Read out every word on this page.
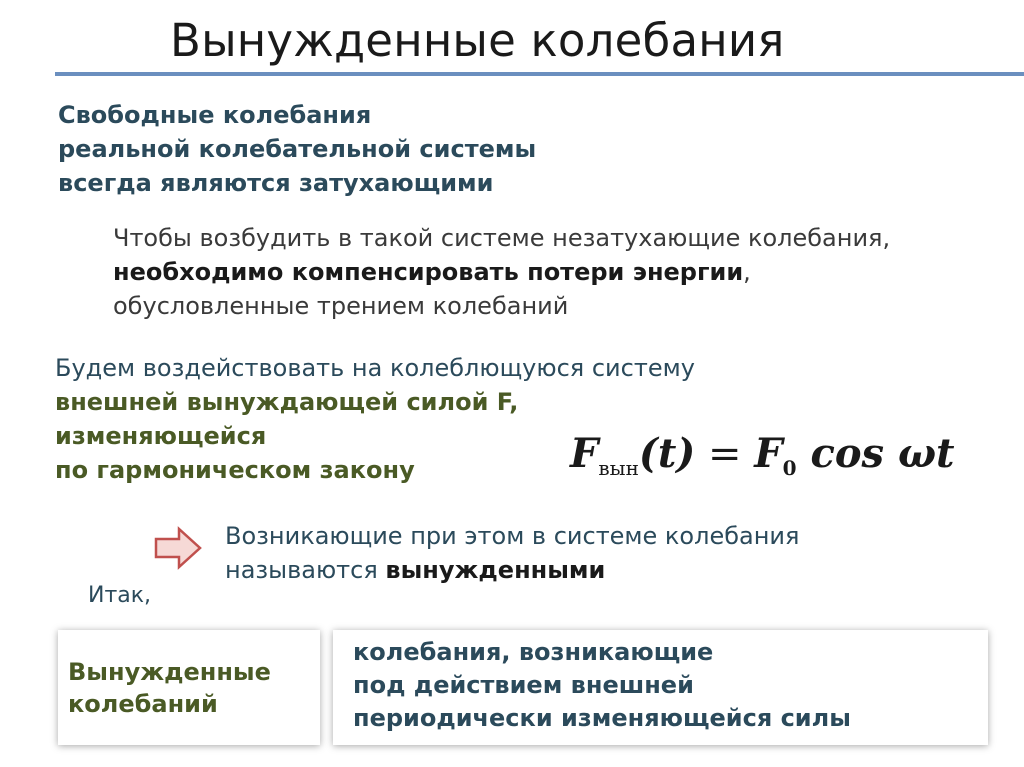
Вынужденные колебания
Свободные колебания
реальной колебательной системы
всегда являются затухающими
Чтобы возбудить в такой системе незатухающие колебания,
необходимо компенсировать потери энергии,
обусловленные трением колебаний
Будем воздействовать на колеблющуюся систему
внешней вынуждающей силой F,
изменяющейся
по гармоническом закону	$F_{вын}(t) = F_0$ cos ωt
Возникающие при этом в системе колебания
называются вынужденными
Итак,
Вынужденные
колебаний
колебания, возникающие
под действием внешней
периодически изменяющейся силы
